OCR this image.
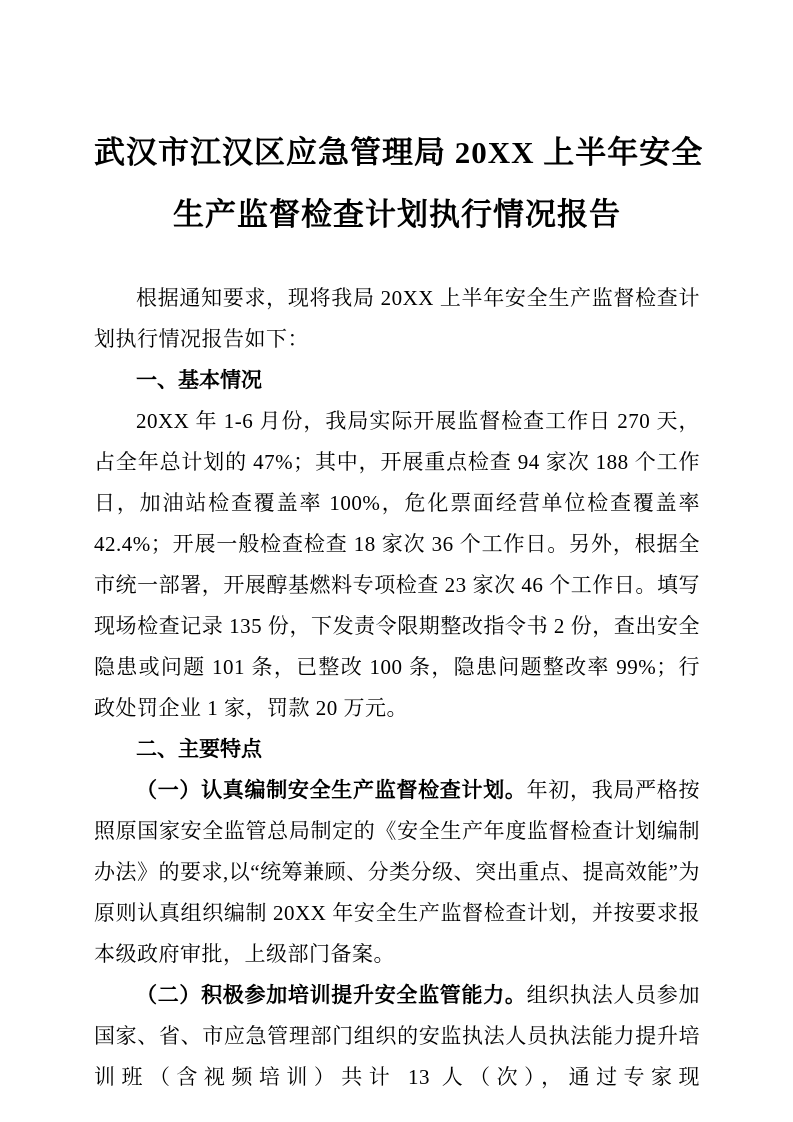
武汉市江汉区应急管理局 20XX 上半年安全
生产监督检查计划执行情况报告

根据通知要求，现将我局 20XX 上半年安全生产监督检查计划执行情况报告如下：

一、基本情况

20XX 年 1-6 月份，我局实际开展监督检查工作日 270 天，占全年总计划的 47%；其中，开展重点检查 94 家次 188 个工作日，加油站检查覆盖率 100%，危化票面经营单位检查覆盖率 42.4%；开展一般检查检查 18 家次 36 个工作日。另外，根据全市统一部署，开展醇基燃料专项检查 23 家次 46 个工作日。填写现场检查记录 135 份，下发责令限期整改指令书 2 份，查出安全隐患或问题 101 条，已整改 100 条，隐患问题整改率 99%；行政处罚企业 1 家，罚款 20 万元。

二、主要特点

（一）认真编制安全生产监督检查计划。年初，我局严格按照原国家安全监管总局制定的《安全生产年度监督检查计划编制办法》的要求,以“统筹兼顾、分类分级、突出重点、提高效能”为原则认真组织编制 20XX 年安全生产监督检查计划，并按要求报本级政府审批，上级部门备案。

（二）积极参加培训提升安全监管能力。组织执法人员参加国家、省、市应急管理部门组织的安监执法人员执法能力提升培训班（含视频培训）共计 13 人（次），通过专家现
